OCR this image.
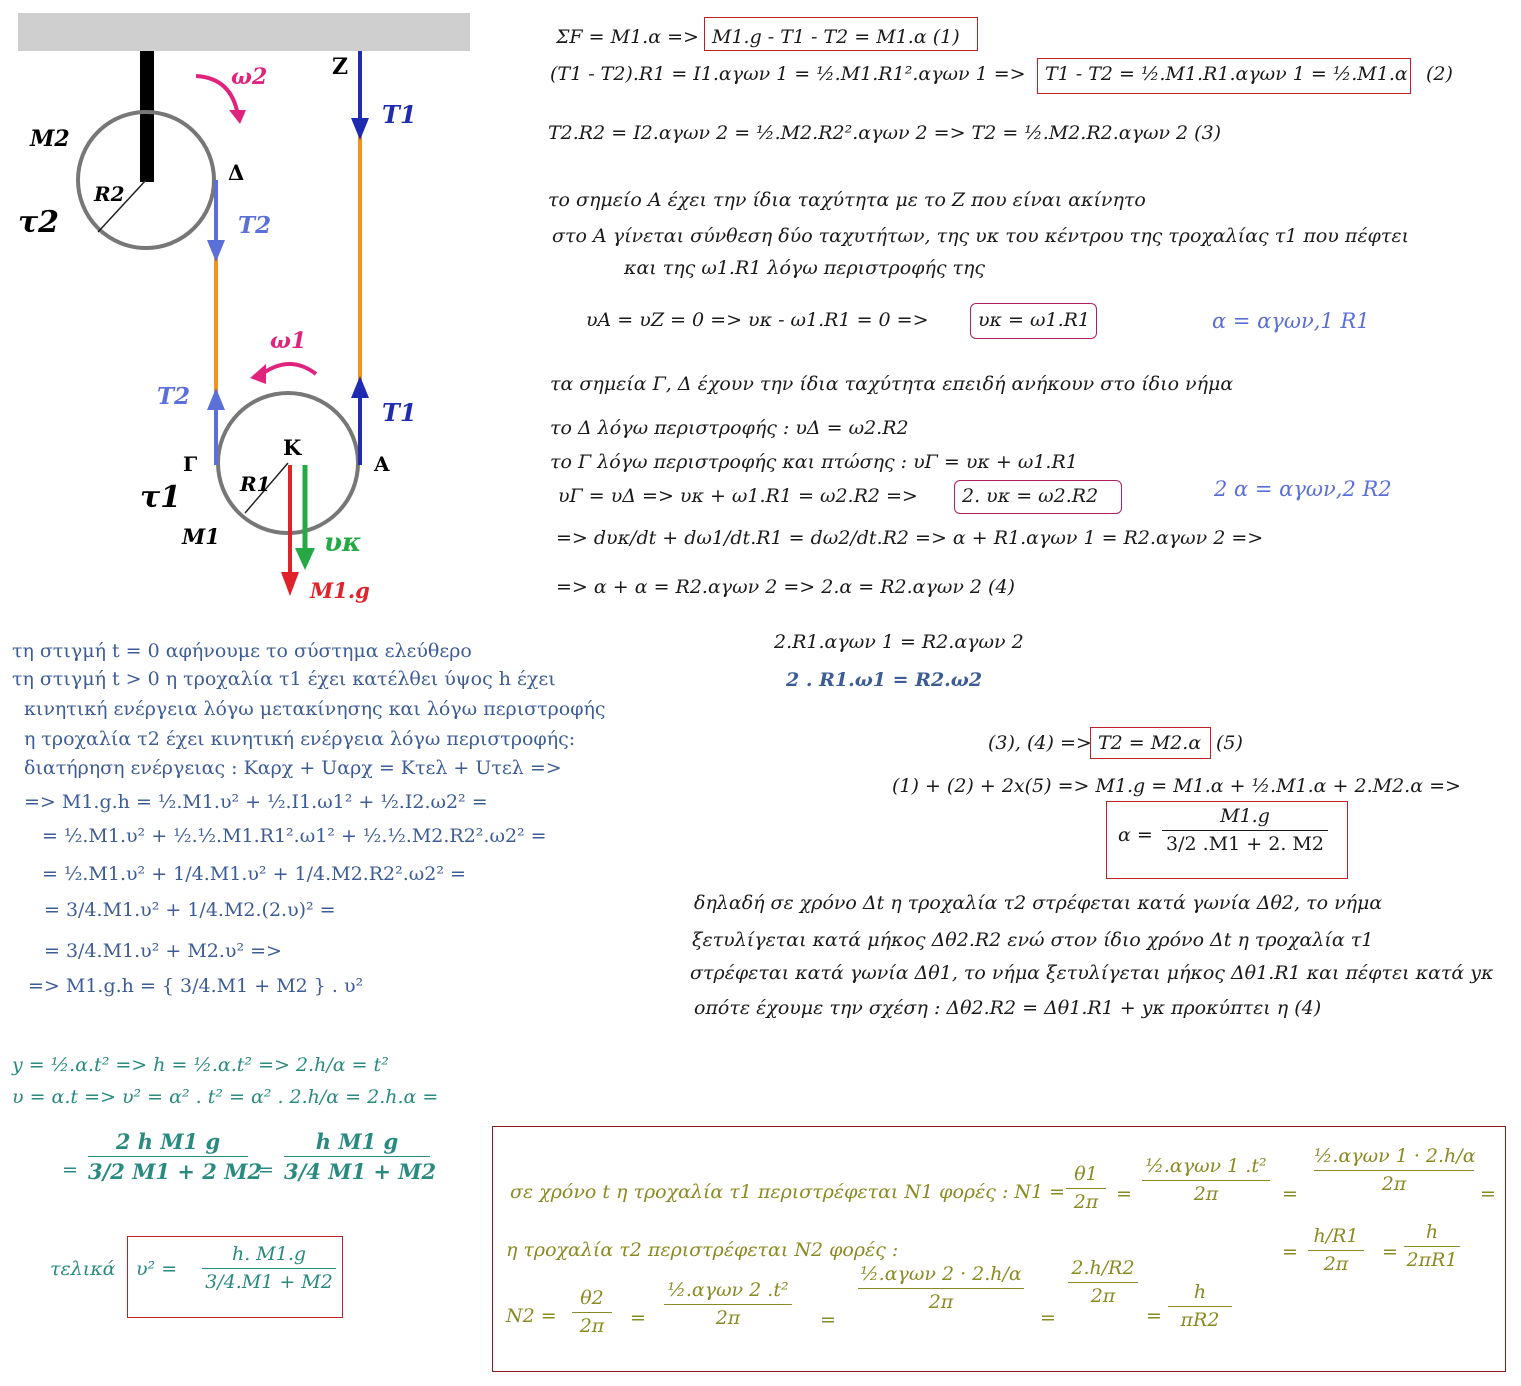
M2
τ2
R2
ω2
Δ
T2
Z
T1
ω1
T2
T1
Γ
K
A
τ1	R1
M1	υκ
M1.g
ΣF = M1.α => M1.g - T1 - T2 = M1.α (1)
(T1 - T2).R1 = I1.αγων 1 = ½.M1.R1².αγων 1 => T1 - T2 = ½.M1.R1.αγων 1 = ½.M1.α (2)
T2.R2 = I2.αγων 2 = ½.M2.R2².αγων 2 => T2 = ½.M2.R2.αγων 2 (3)
το σημείο Α έχει την ίδια ταχύτητα με το Ζ που είναι ακίνητο
στο Α γίνεται σύνθεση δύο ταχυτήτων, της υκ του κέντρου της τροχαλίας τ1 που πέφτει
και της ω1.R1 λόγω περιστροφής της
υΑ = υΖ = 0 => υκ - ω1.R1 = 0 =>	υκ = ω1.R1	α = αγων,1 R1
τα σημεία Γ, Δ έχουν την ίδια ταχύτητα επειδή ανήκουν στο ίδιο νήμα
το Δ λόγω περιστροφής : υΔ = ω2.R2
το Γ λόγω περιστροφής και πτώσης : υΓ = υκ + ω1.R1
υΓ = υΔ => υκ + ω1.R1 = ω2.R2 => 2. υκ = ω2.R2	2 α = αγων,2 R2
=> dυκ/dt + dω1/dt.R1 = dω2/dt.R2 => α + R1.αγων 1 = R2.αγων 2 =>
=> α + α = R2.αγων 2 => 2.α = R2.αγων 2 (4)
2.R1.αγων 1 = R2.αγων 2
2 . R1.ω1 = R2.ω2
(3), (4) => T2 = M2.α (5)
(1) + (2) + 2x(5) => M1.g = M1.α + ½.M1.α + 2.M2.α =>
α =
M1.g
3/2 .M1 + 2. M2
δηλαδή σε χρόνο Δt η τροχαλία τ2 στρέφεται κατά γωνία Δθ2, το νήμα
ξετυλίγεται κατά μήκος Δθ2.R2 ενώ στον ίδιο χρόνο Δt η τροχαλία τ1
στρέφεται κατά γωνία Δθ1, το νήμα ξετυλίγεται μήκος Δθ1.R1 και πέφτει κατά yκ
οπότε έχουμε την σχέση : Δθ2.R2 = Δθ1.R1 + yκ προκύπτει η (4)
τη στιγμή t = 0 αφήνουμε το σύστημα ελεύθερο
τη στιγμή t > 0 η τροχαλία τ1 έχει κατέλθει ύψος h έχει
κινητική ενέργεια λόγω μετακίνησης και λόγω περιστροφής
η τροχαλία τ2 έχει κινητική ενέργεια λόγω περιστροφής:
διατήρηση ενέργειας : Καρχ + Uαρχ = Κτελ + Uτελ =>
=> M1.g.h = ½.M1.υ² + ½.I1.ω1² + ½.I2.ω2² =
= ½.M1.υ² + ½.½.M1.R1².ω1² + ½.½.M2.R2².ω2² =
= ½.M1.υ² + 1/4.M1.υ² + 1/4.M2.R2².ω2² =
= 3/4.M1.υ² + 1/4.M2.(2.υ)² =
= 3/4.M1.υ² + M2.υ² =>
=> M1.g.h = { 3/4.M1 + M2 } . υ²
y = ½.α.t² => h = ½.α.t² => 2.h/α = t²
υ = α.t => υ² = α² . t² = α² . 2.h/α = 2.h.α =
=
2 h M1 g
3/2 M1 + 2 M2
=
h M1 g
3/4 M1 + M2
τελικά υ² =
h. M1.g
3/4.M1 + M2
σε χρόνο t η τροχαλία τ1 περιστρέφεται Ν1 φορές : Ν1 =
θ1
2π =
½.αγων 1 .t²
2π	=
½.αγων 1 · 2.h/α
2π	=
=
h/R1
2π
=
h
2πR1
η τροχαλία τ2 περιστρέφεται Ν2 φορές :
Ν2 =
θ2
2π	=
½.αγων 2 .t²
2π	=
½.αγων 2 · 2.h/α
2π
=
2.h/R2
2π
=
h
πR2
